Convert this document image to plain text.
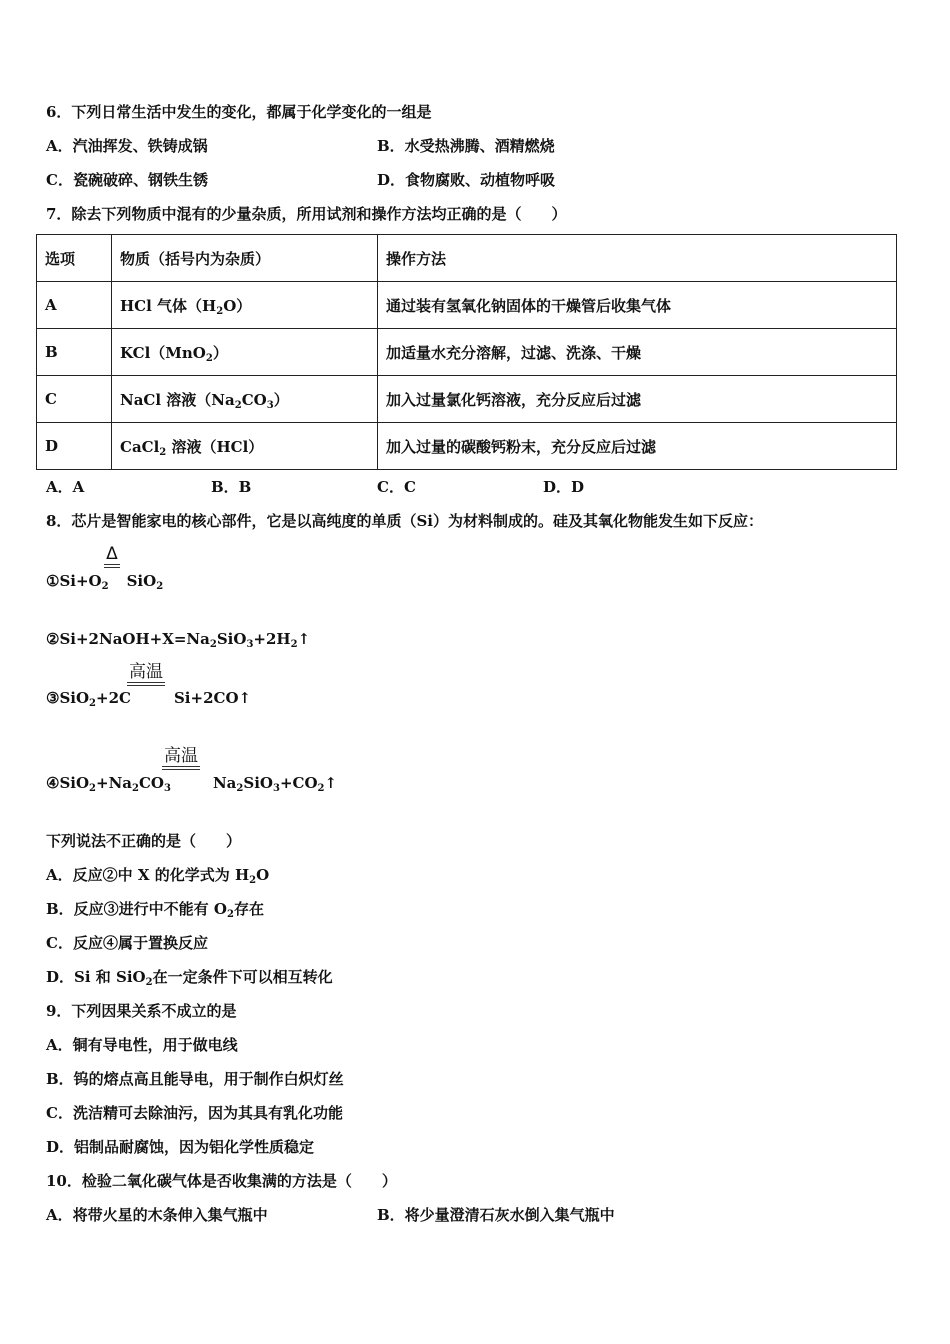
6．下列日常生活中发生的变化，都属于化学变化的一组是
A．汽油挥发、铁铸成锅	B．水受热沸腾、酒精燃烧
C．瓷碗破碎、钢铁生锈	D．食物腐败、动植物呼吸
7．除去下列物质中混有的少量杂质，所用试剂和操作方法均正确的是（　　）
选项	物质（括号内为杂质）	操作方法
A	HCl 气体$(H_2O)$	通过装有氢氧化钠固体的干燥管后收集气体
B	KCl（MnO$_2$）	加适量水充分溶解，过滤、洗涤、干燥
C	NaCl 溶液$(Na_2CO_3)$	加入过量氯化钙溶液，充分反应后过滤
D	CaCl$_2$ 溶液（HCl）	加入过量的碳酸钙粉末，充分反应后过滤
A．A	B．B	C．C	D．D
8．芯片是智能家电的核心部件，它是以高纯度的单质（Si）为材料制成的。硅及其氧化物能发生如下反应：
Δ
$①Si+O_2$ SiO$_2$
$②Si+2NaOH+X=Na_2SiO_3+2H_2↑$
高温
③SiO$_2$+2C	Si+2CO↑
高温
$④SiO_2+Na_2CO_3$	$Na_2SiO_3+CO_2↑$
下列说法不正确的是（　　）
A．反应②中 X 的化学式为 $H_2O$
B．反应③进行中不能有 $O_2$存在
C．反应④属于置换反应
D．Si 和 SiO$_2$在一定条件下可以相互转化
9．下列因果关系不成立的是
A．铜有导电性，用于做电线
B．钨的熔点高且能导电，用于制作白炽灯丝
C．洗洁精可去除油污，因为其具有乳化功能
D．铝制品耐腐蚀，因为铝化学性质稳定
10．检验二氧化碳气体是否收集满的方法是（　　）
A．将带火星的木条伸入集气瓶中	B．将少量澄清石灰水倒入集气瓶中
